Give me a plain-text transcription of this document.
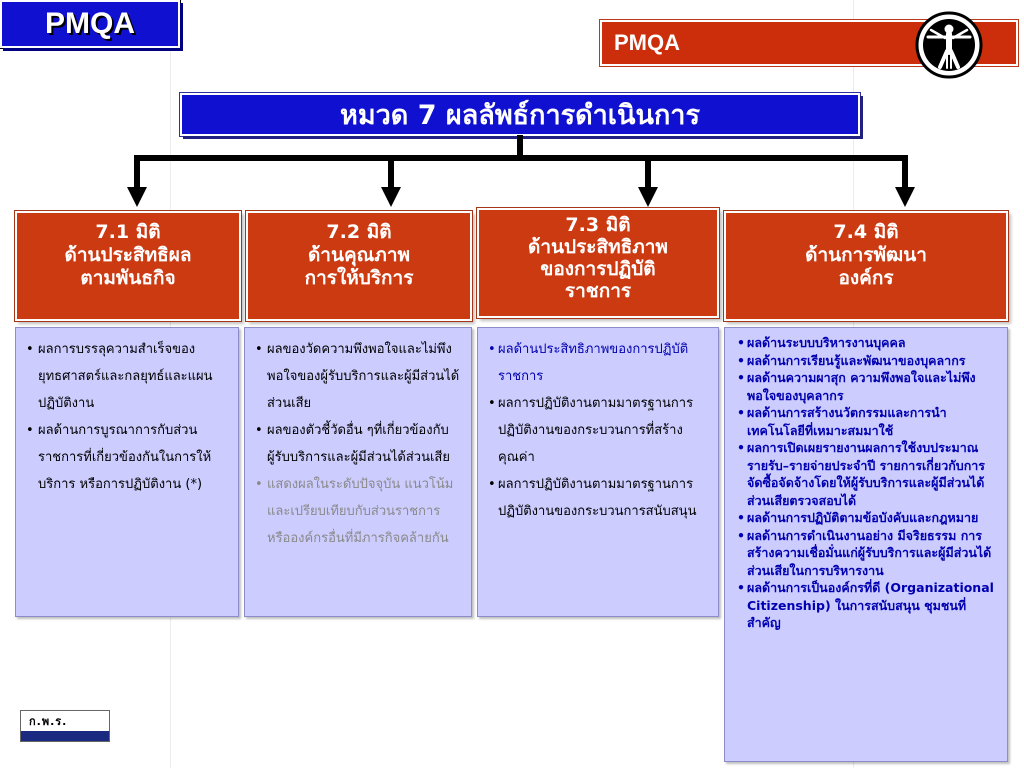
PMQA
PMQA
หมวด 7 ผลลัพธ์การดำเนินการ
7.1 มิติ
ด้านประสิทธิผล
ตามพันธกิจ
7.2 มิติ
ด้านคุณภาพ
การให้บริการ
7.3 มิติ
ด้านประสิทธิภาพ
ของการปฏิบัติ
ราชการ
7.4 มิติ
ด้านการพัฒนา
องค์กร
• ผลการบรรลุความสำเร็จของยุทธศาสตร์และกลยุทธ์และแผนปฏิบัติงาน
• ผลด้านการบูรณาการกับส่วนราชการที่เกี่ยวข้องกันในการให้บริการ หรือการปฏิบัติงาน (*)
• ผลของวัดความพึงพอใจและไม่พึงพอใจของผู้รับบริการและผู้มีส่วนได้ส่วนเสีย
• ผลของตัวชี้วัดอื่น ๆที่เกี่ยวข้องกับผู้รับบริการและผู้มีส่วนได้ส่วนเสีย
• แสดงผลในระดับปัจจุบัน แนวโน้มและเปรียบเทียบกับส่วนราชการหรือองค์กรอื่นที่มีภารกิจคล้ายกัน
• ผลด้านประสิทธิภาพของการปฏิบัติราชการ
• ผลการปฏิบัติงานตามมาตรฐานการปฏิบัติงานของกระบวนการที่สร้างคุณค่า
• ผลการปฏิบัติงานตามมาตรฐานการปฏิบัติงานของกระบวนการสนับสนุน
• ผลด้านระบบบริหารงานบุคคล
• ผลด้านการเรียนรู้และพัฒนาของบุคลากร
• ผลด้านความผาสุก ความพึงพอใจและไม่พึงพอใจของบุคลากร
• ผลด้านการสร้างนวัตกรรมและการนำเทคโนโลยีที่เหมาะสมมาใช้
• ผลการเปิดเผยรายงานผลการใช้งบประมาณรายรับ–รายจ่ายประจำปี รายการเกี่ยวกับการจัดซื้อจัดจ้างโดยให้ผู้รับบริการและผู้มีส่วนได้ส่วนเสียตรวจสอบได้
• ผลด้านการปฏิบัติตามข้อบังคับและกฎหมาย
• ผลด้านการดำเนินงานอย่าง มีจริยธรรม การสร้างความเชื่อมั่นแก่ผู้รับบริการและผู้มีส่วนได้ส่วนเสียในการบริหารงาน
• ผลด้านการเป็นองค์กรที่ดี (Organizational Citizenship) ในการสนับสนุน ชุมชนที่สำคัญ
ก.พ.ร.
